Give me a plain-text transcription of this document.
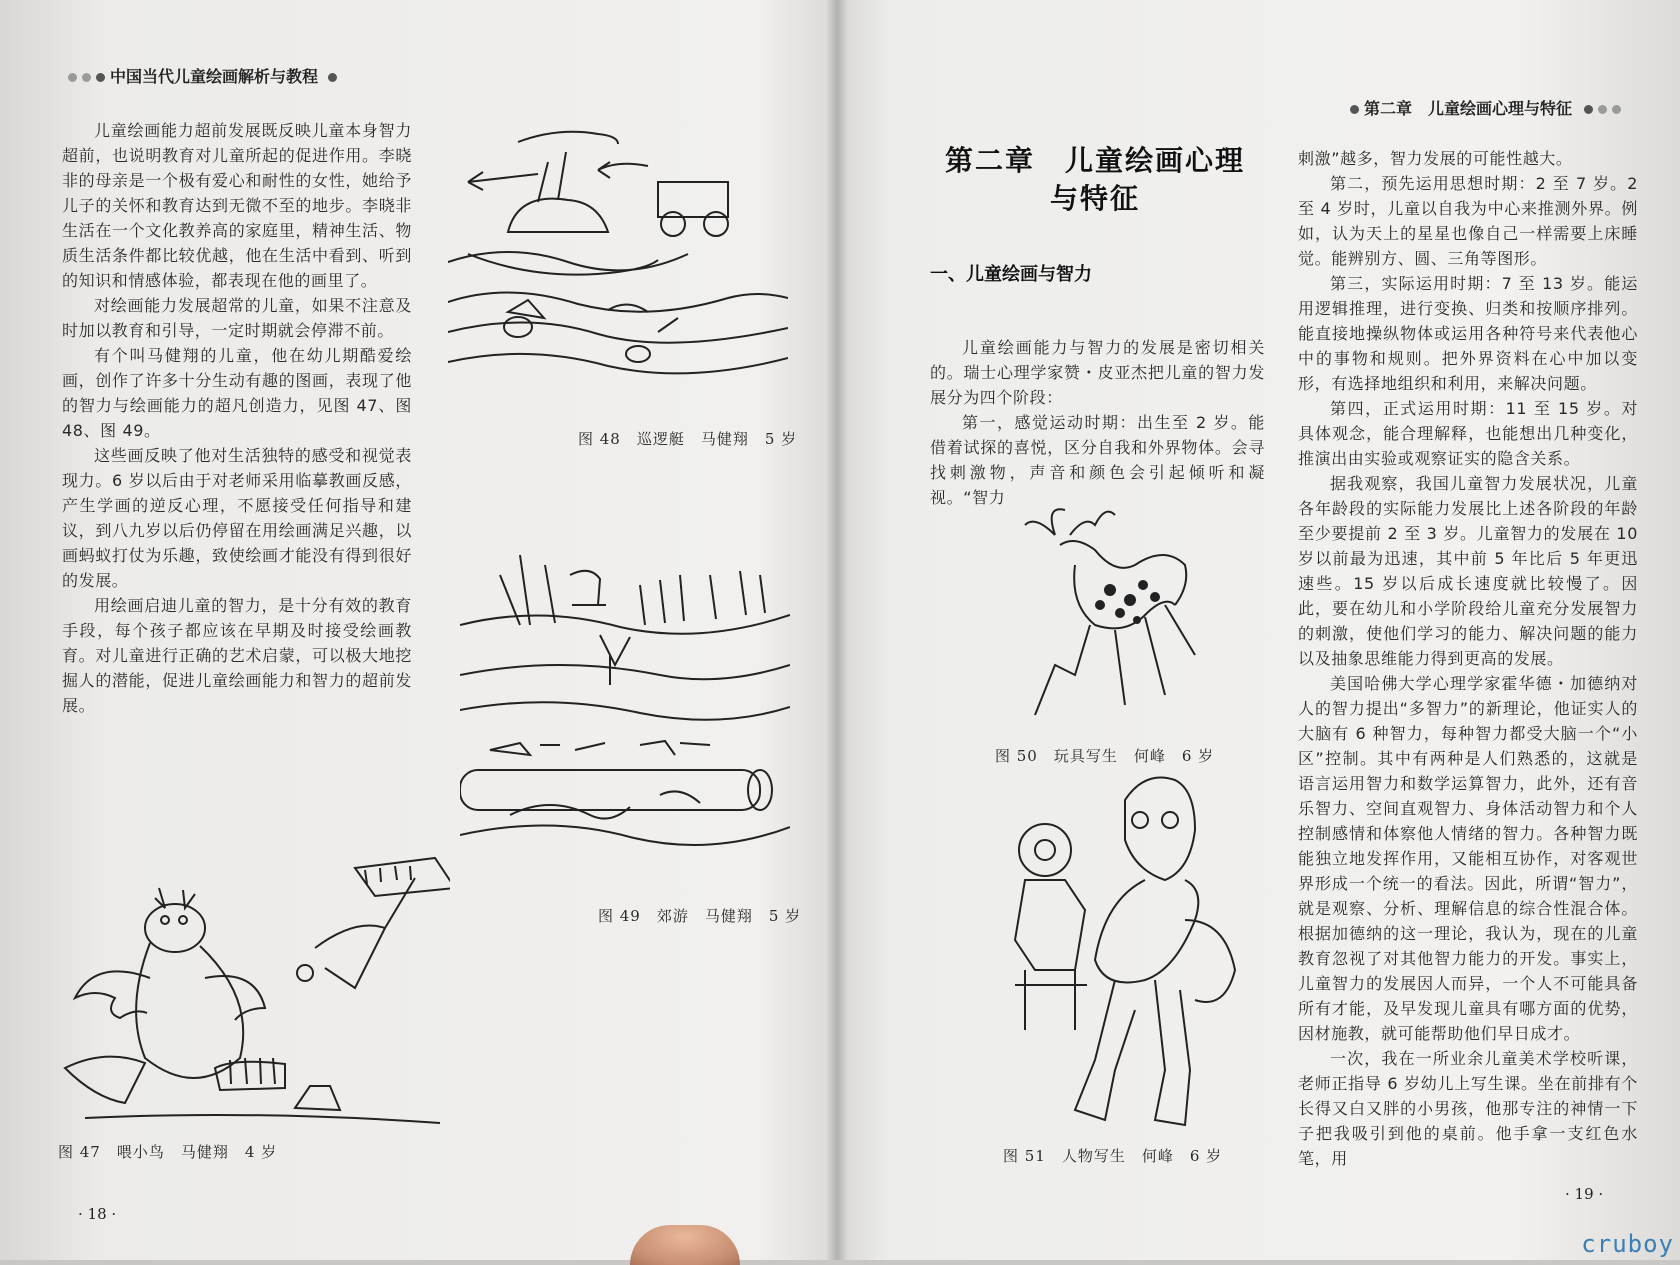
中国当代儿童绘画解析与教程

儿童绘画能力超前发展既反映儿童本身智力超前，也说明教育对儿童所起的促进作用。李晓非的母亲是一个极有爱心和耐性的女性，她给予儿子的关怀和教育达到无微不至的地步。李晓非生活在一个文化教养高的家庭里，精神生活、物质生活条件都比较优越，他在生活中看到、听到的知识和情感体验，都表现在他的画里了。

对绘画能力发展超常的儿童，如果不注意及时加以教育和引导，一定时期就会停滞不前。

有个叫马健翔的儿童，他在幼儿期酷爱绘画，创作了许多十分生动有趣的图画，表现了他的智力与绘画能力的超凡创造力，见图 47、图 48、图 49。

这些画反映了他对生活独特的感受和视觉表现力。6 岁以后由于对老师采用临摹教画反感，产生学画的逆反心理，不愿接受任何指导和建议，到八九岁以后仍停留在用绘画满足兴趣，以画蚂蚁打仗为乐趣，致使绘画才能没有得到很好的发展。

用绘画启迪儿童的智力，是十分有效的教育手段，每个孩子都应该在早期及时接受绘画教育。对儿童进行正确的艺术启蒙，可以极大地挖掘人的潜能，促进儿童绘画能力和智力的超前发展。

图 48　巡逻艇　马健翔　5 岁
图 49　郊游　马健翔　5 岁
图 47　喂小鸟　马健翔　4 岁
· 18 ·
第二章　儿童绘画心理与特征
第二章　儿童绘画心理
与特征
一、儿童绘画与智力

儿童绘画能力与智力的发展是密切相关的。瑞士心理学家赞・皮亚杰把儿童的智力发展分为四个阶段：

第一，感觉运动时期：出生至 2 岁。能借着试探的喜悦，区分自我和外界物体。会寻找刺激物，声音和颜色会引起倾听和凝视。“智力

图 50　玩具写生　何峰　6 岁
图 51　人物写生　何峰　6 岁

刺激”越多，智力发展的可能性越大。

第二，预先运用思想时期：2 至 7 岁。2 至 4 岁时，儿童以自我为中心来推测外界。例如，认为天上的星星也像自己一样需要上床睡觉。能辨别方、圆、三角等图形。

第三，实际运用时期：7 至 13 岁。能运用逻辑推理，进行变换、归类和按顺序排列。能直接地操纵物体或运用各种符号来代表他心中的事物和规则。把外界资料在心中加以变形，有选择地组织和利用，来解决问题。

第四，正式运用时期：11 至 15 岁。对具体观念，能合理解释，也能想出几种变化，推演出由实验或观察证实的隐含关系。

据我观察，我国儿童智力发展状况，儿童各年龄段的实际能力发展比上述各阶段的年龄至少要提前 2 至 3 岁。儿童智力的发展在 10 岁以前最为迅速，其中前 5 年比后 5 年更迅速些。15 岁以后成长速度就比较慢了。因此，要在幼儿和小学阶段给儿童充分发展智力的刺激，使他们学习的能力、解决问题的能力以及抽象思维能力得到更高的发展。

美国哈佛大学心理学家霍华德・加德纳对人的智力提出“多智力”的新理论，他证实人的大脑有 6 种智力，每种智力都受大脑一个“小区”控制。其中有两种是人们熟悉的，这就是语言运用智力和数学运算智力，此外，还有音乐智力、空间直观智力、身体活动智力和个人控制感情和体察他人情绪的智力。各种智力既能独立地发挥作用，又能相互协作，对客观世界形成一个统一的看法。因此，所谓“智力”，就是观察、分析、理解信息的综合性混合体。根据加德纳的这一理论，我认为，现在的儿童教育忽视了对其他智力能力的开发。事实上，儿童智力的发展因人而异，一个人不可能具备所有才能，及早发现儿童具有哪方面的优势，因材施教，就可能帮助他们早日成才。

一次，我在一所业余儿童美术学校听课，老师正指导 6 岁幼儿上写生课。坐在前排有个长得又白又胖的小男孩，他那专注的神情一下子把我吸引到他的桌前。他手拿一支红色水笔，用

· 19 ·
cruboy
